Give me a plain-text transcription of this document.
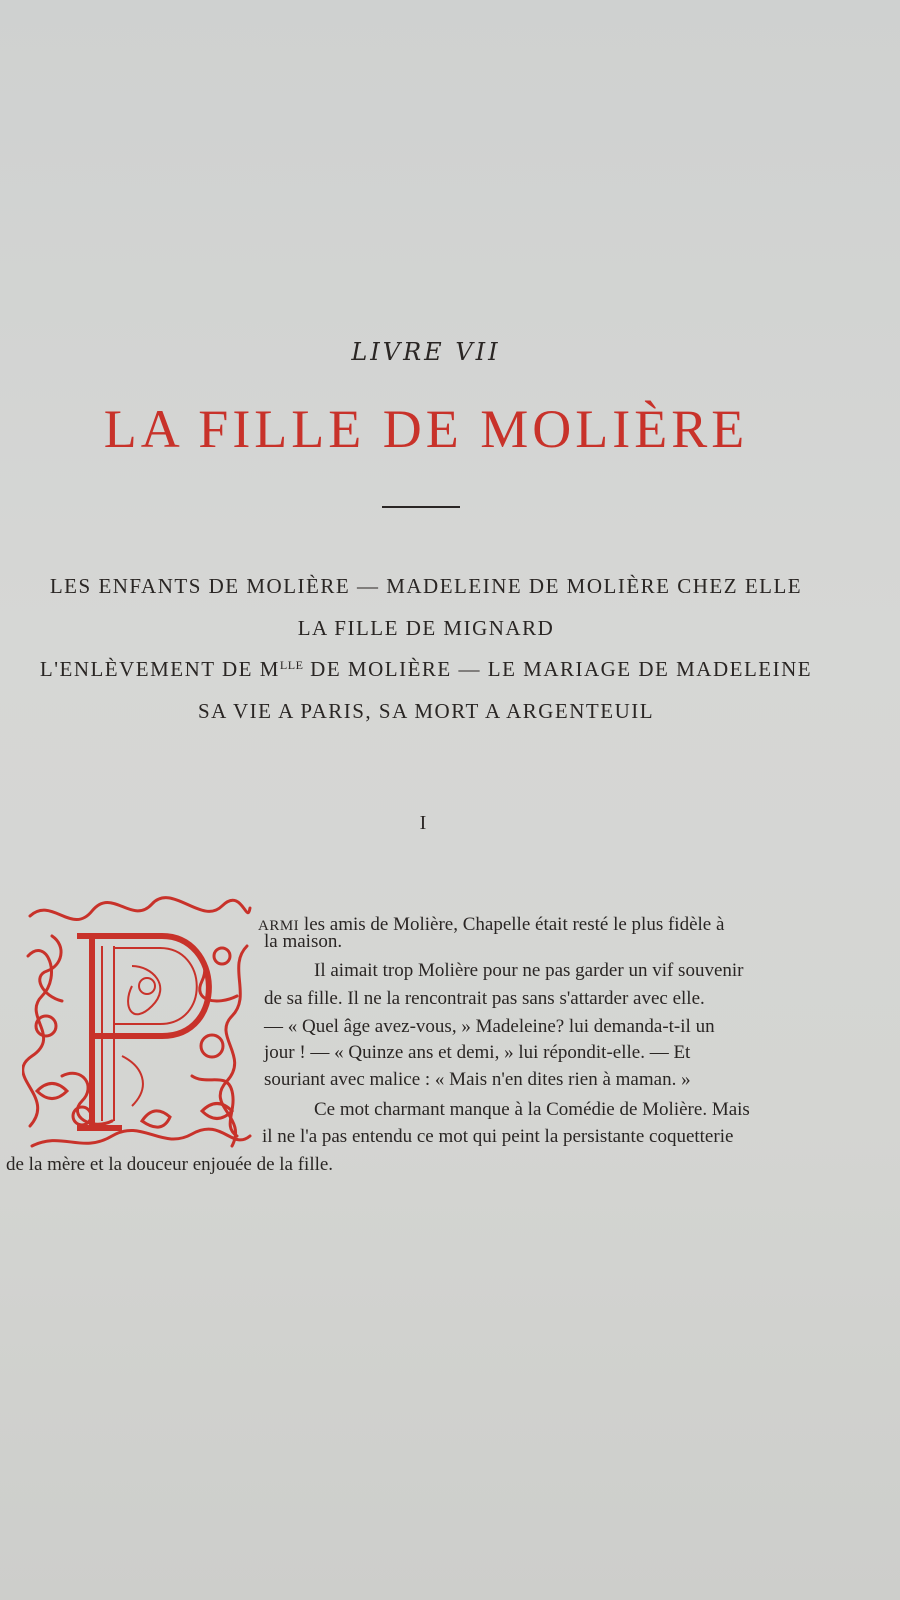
LIVRE VII
LA FILLE DE MOLIÈRE
LES ENFANTS DE MOLIÈRE — MADELEINE DE MOLIÈRE CHEZ ELLE
LA FILLE DE MIGNARD
L'ENLÈVEMENT DE $M^{LLE}$ DE MOLIÈRE — LE MARIAGE DE MADELEINE
SA VIE A PARIS, SA MORT A ARGENTEUIL
I
ARMI les amis de Molière, Chapelle était resté le plus fidèle à
la maison.
Il aimait trop Molière pour ne pas garder un vif souvenir
de sa fille. Il ne la rencontrait pas sans s'attarder avec elle.
— « Quel âge avez-vous, » Madeleine? lui demanda-t-il un
jour ! — « Quinze ans et demi, » lui répondit-elle. — Et
souriant avec malice : « Mais n'en dites rien à maman. »
Ce mot charmant manque à la Comédie de Molière. Mais
il ne l'a pas entendu ce mot qui peint la persistante coquetterie
de la mère et la douceur enjouée de la fille.
